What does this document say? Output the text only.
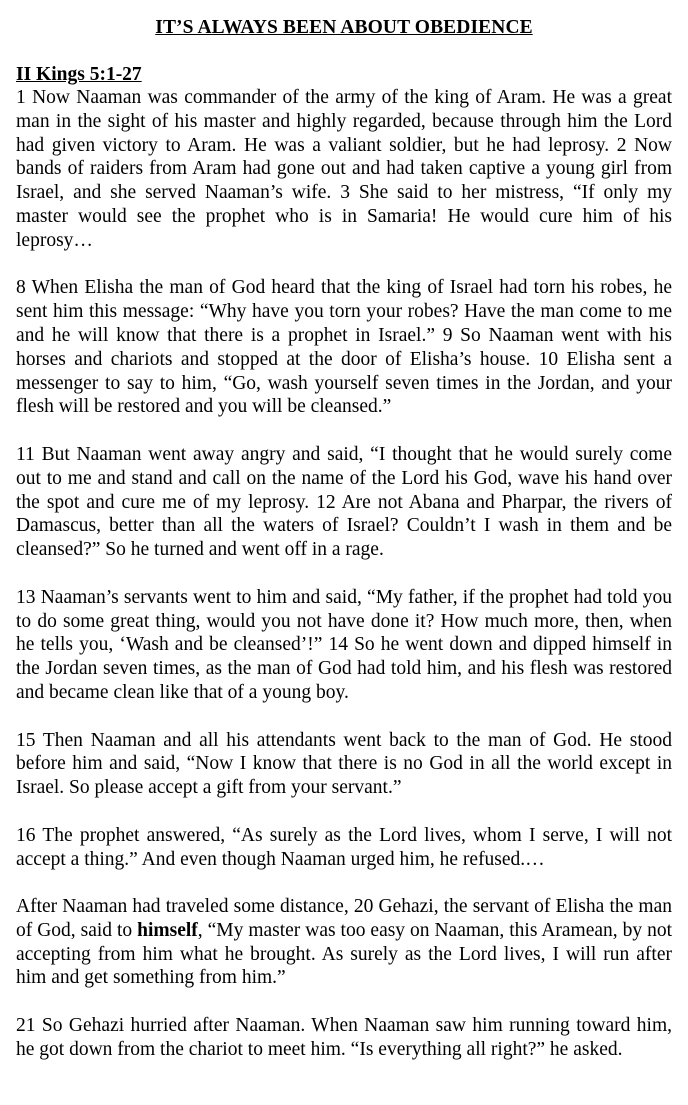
IT’S ALWAYS BEEN ABOUT OBEDIENCE

II Kings 5:1-27

1 Now Naaman was commander of the army of the king of Aram. He was a great man in the sight of his master and highly regarded, because through him the Lord had given victory to Aram. He was a valiant soldier, but he had leprosy. 2 Now bands of raiders from Aram had gone out and had taken captive a young girl from Israel, and she served Naaman’s wife. 3 She said to her mistress, “If only my master would see the prophet who is in Samaria! He would cure him of his leprosy…

8 When Elisha the man of God heard that the king of Israel had torn his robes, he sent him this message: “Why have you torn your robes? Have the man come to me and he will know that there is a prophet in Israel.” 9 So Naaman went with his horses and chariots and stopped at the door of Elisha’s house. 10 Elisha sent a messenger to say to him, “Go, wash yourself seven times in the Jordan, and your flesh will be restored and you will be cleansed.”

11 But Naaman went away angry and said, “I thought that he would surely come out to me and stand and call on the name of the Lord his God, wave his hand over the spot and cure me of my leprosy. 12 Are not Abana and Pharpar, the rivers of Damascus, better than all the waters of Israel? Couldn’t I wash in them and be cleansed?” So he turned and went off in a rage.

13 Naaman’s servants went to him and said, “My father, if the prophet had told you to do some great thing, would you not have done it? How much more, then, when he tells you, ‘Wash and be cleansed’!” 14 So he went down and dipped himself in the Jordan seven times, as the man of God had told him, and his flesh was restored and became clean like that of a young boy.

15 Then Naaman and all his attendants went back to the man of God. He stood before him and said, “Now I know that there is no God in all the world except in Israel. So please accept a gift from your servant.”

16 The prophet answered, “As surely as the Lord lives, whom I serve, I will not accept a thing.” And even though Naaman urged him, he refused.…

After Naaman had traveled some distance, 20 Gehazi, the servant of Elisha the man of God, said to himself, “My master was too easy on Naaman, this Aramean, by not accepting from him what he brought. As surely as the Lord lives, I will run after him and get something from him.”

21 So Gehazi hurried after Naaman. When Naaman saw him running toward him, he got down from the chariot to meet him. “Is everything all right?” he asked.
